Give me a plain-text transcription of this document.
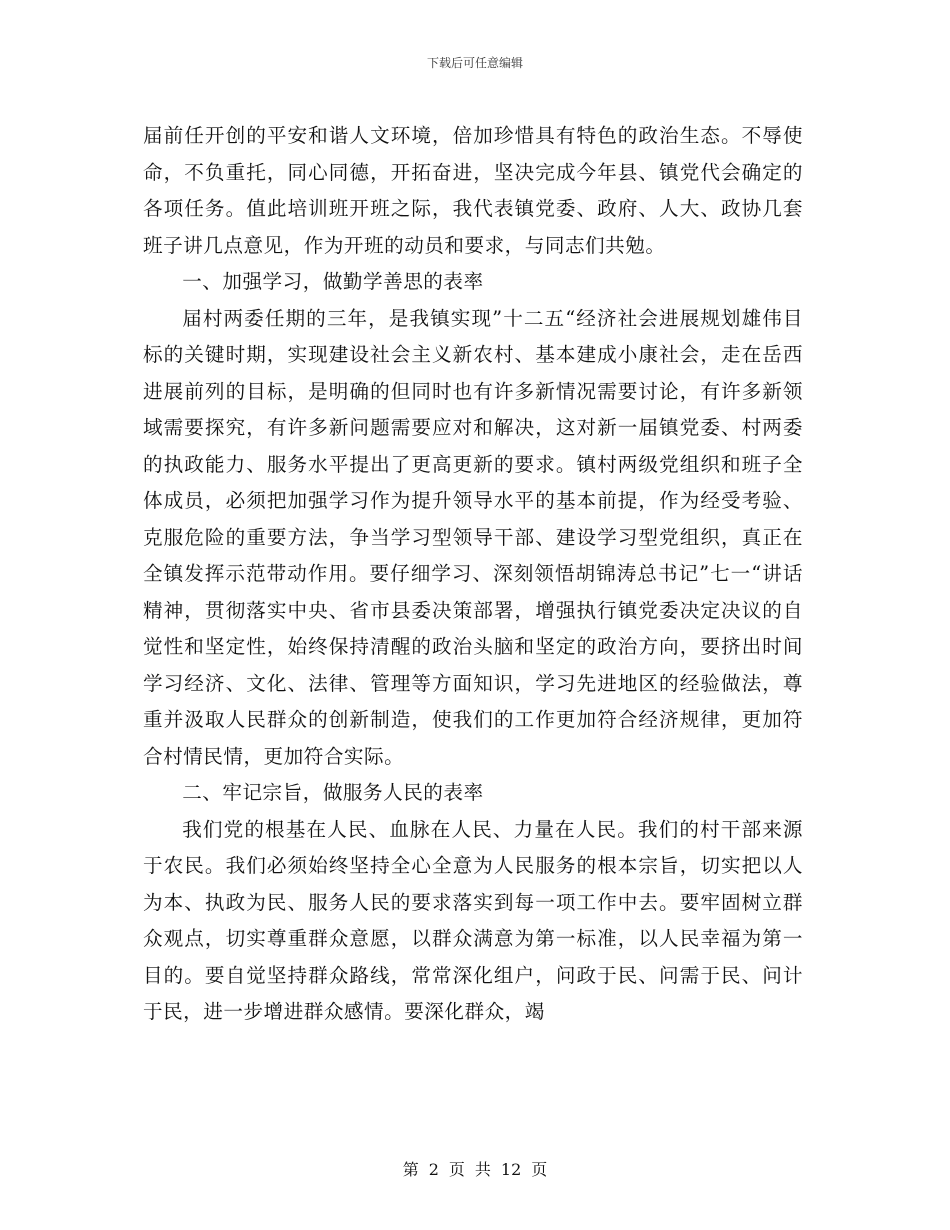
下载后可任意编辑

届前任开创的平安和谐人文环境，倍加珍惜具有特色的政治生态。不辱使命，不负重托，同心同德，开拓奋进，坚决完成今年县、镇党代会确定的各项任务。值此培训班开班之际，我代表镇党委、政府、人大、政协几套班子讲几点意见，作为开班的动员和要求，与同志们共勉。

一、加强学习，做勤学善思的表率

届村两委任期的三年，是我镇实现”十二五“经济社会进展规划雄伟目标的关键时期，实现建设社会主义新农村、基本建成小康社会，走在岳西进展前列的目标，是明确的但同时也有许多新情况需要讨论，有许多新领域需要探究，有许多新问题需要应对和解决，这对新一届镇党委、村两委的执政能力、服务水平提出了更高更新的要求。镇村两级党组织和班子全体成员，必须把加强学习作为提升领导水平的基本前提，作为经受考验、克服危险的重要方法，争当学习型领导干部、建设学习型党组织，真正在全镇发挥示范带动作用。要仔细学习、深刻领悟胡锦涛总书记”七一“讲话精神，贯彻落实中央、省市县委决策部署，增强执行镇党委决定决议的自觉性和坚定性，始终保持清醒的政治头脑和坚定的政治方向，要挤出时间学习经济、文化、法律、管理等方面知识，学习先进地区的经验做法，尊重并汲取人民群众的创新制造，使我们的工作更加符合经济规律，更加符合村情民情，更加符合实际。

二、牢记宗旨，做服务人民的表率

我们党的根基在人民、血脉在人民、力量在人民。我们的村干部来源于农民。我们必须始终坚持全心全意为人民服务的根本宗旨，切实把以人为本、执政为民、服务人民的要求落实到每一项工作中去。要牢固树立群众观点，切实尊重群众意愿，以群众满意为第一标准，以人民幸福为第一目的。要自觉坚持群众路线，常常深化组户，问政于民、问需于民、问计于民，进一步增进群众感情。要深化群众，竭

第 2 页 共 12 页
